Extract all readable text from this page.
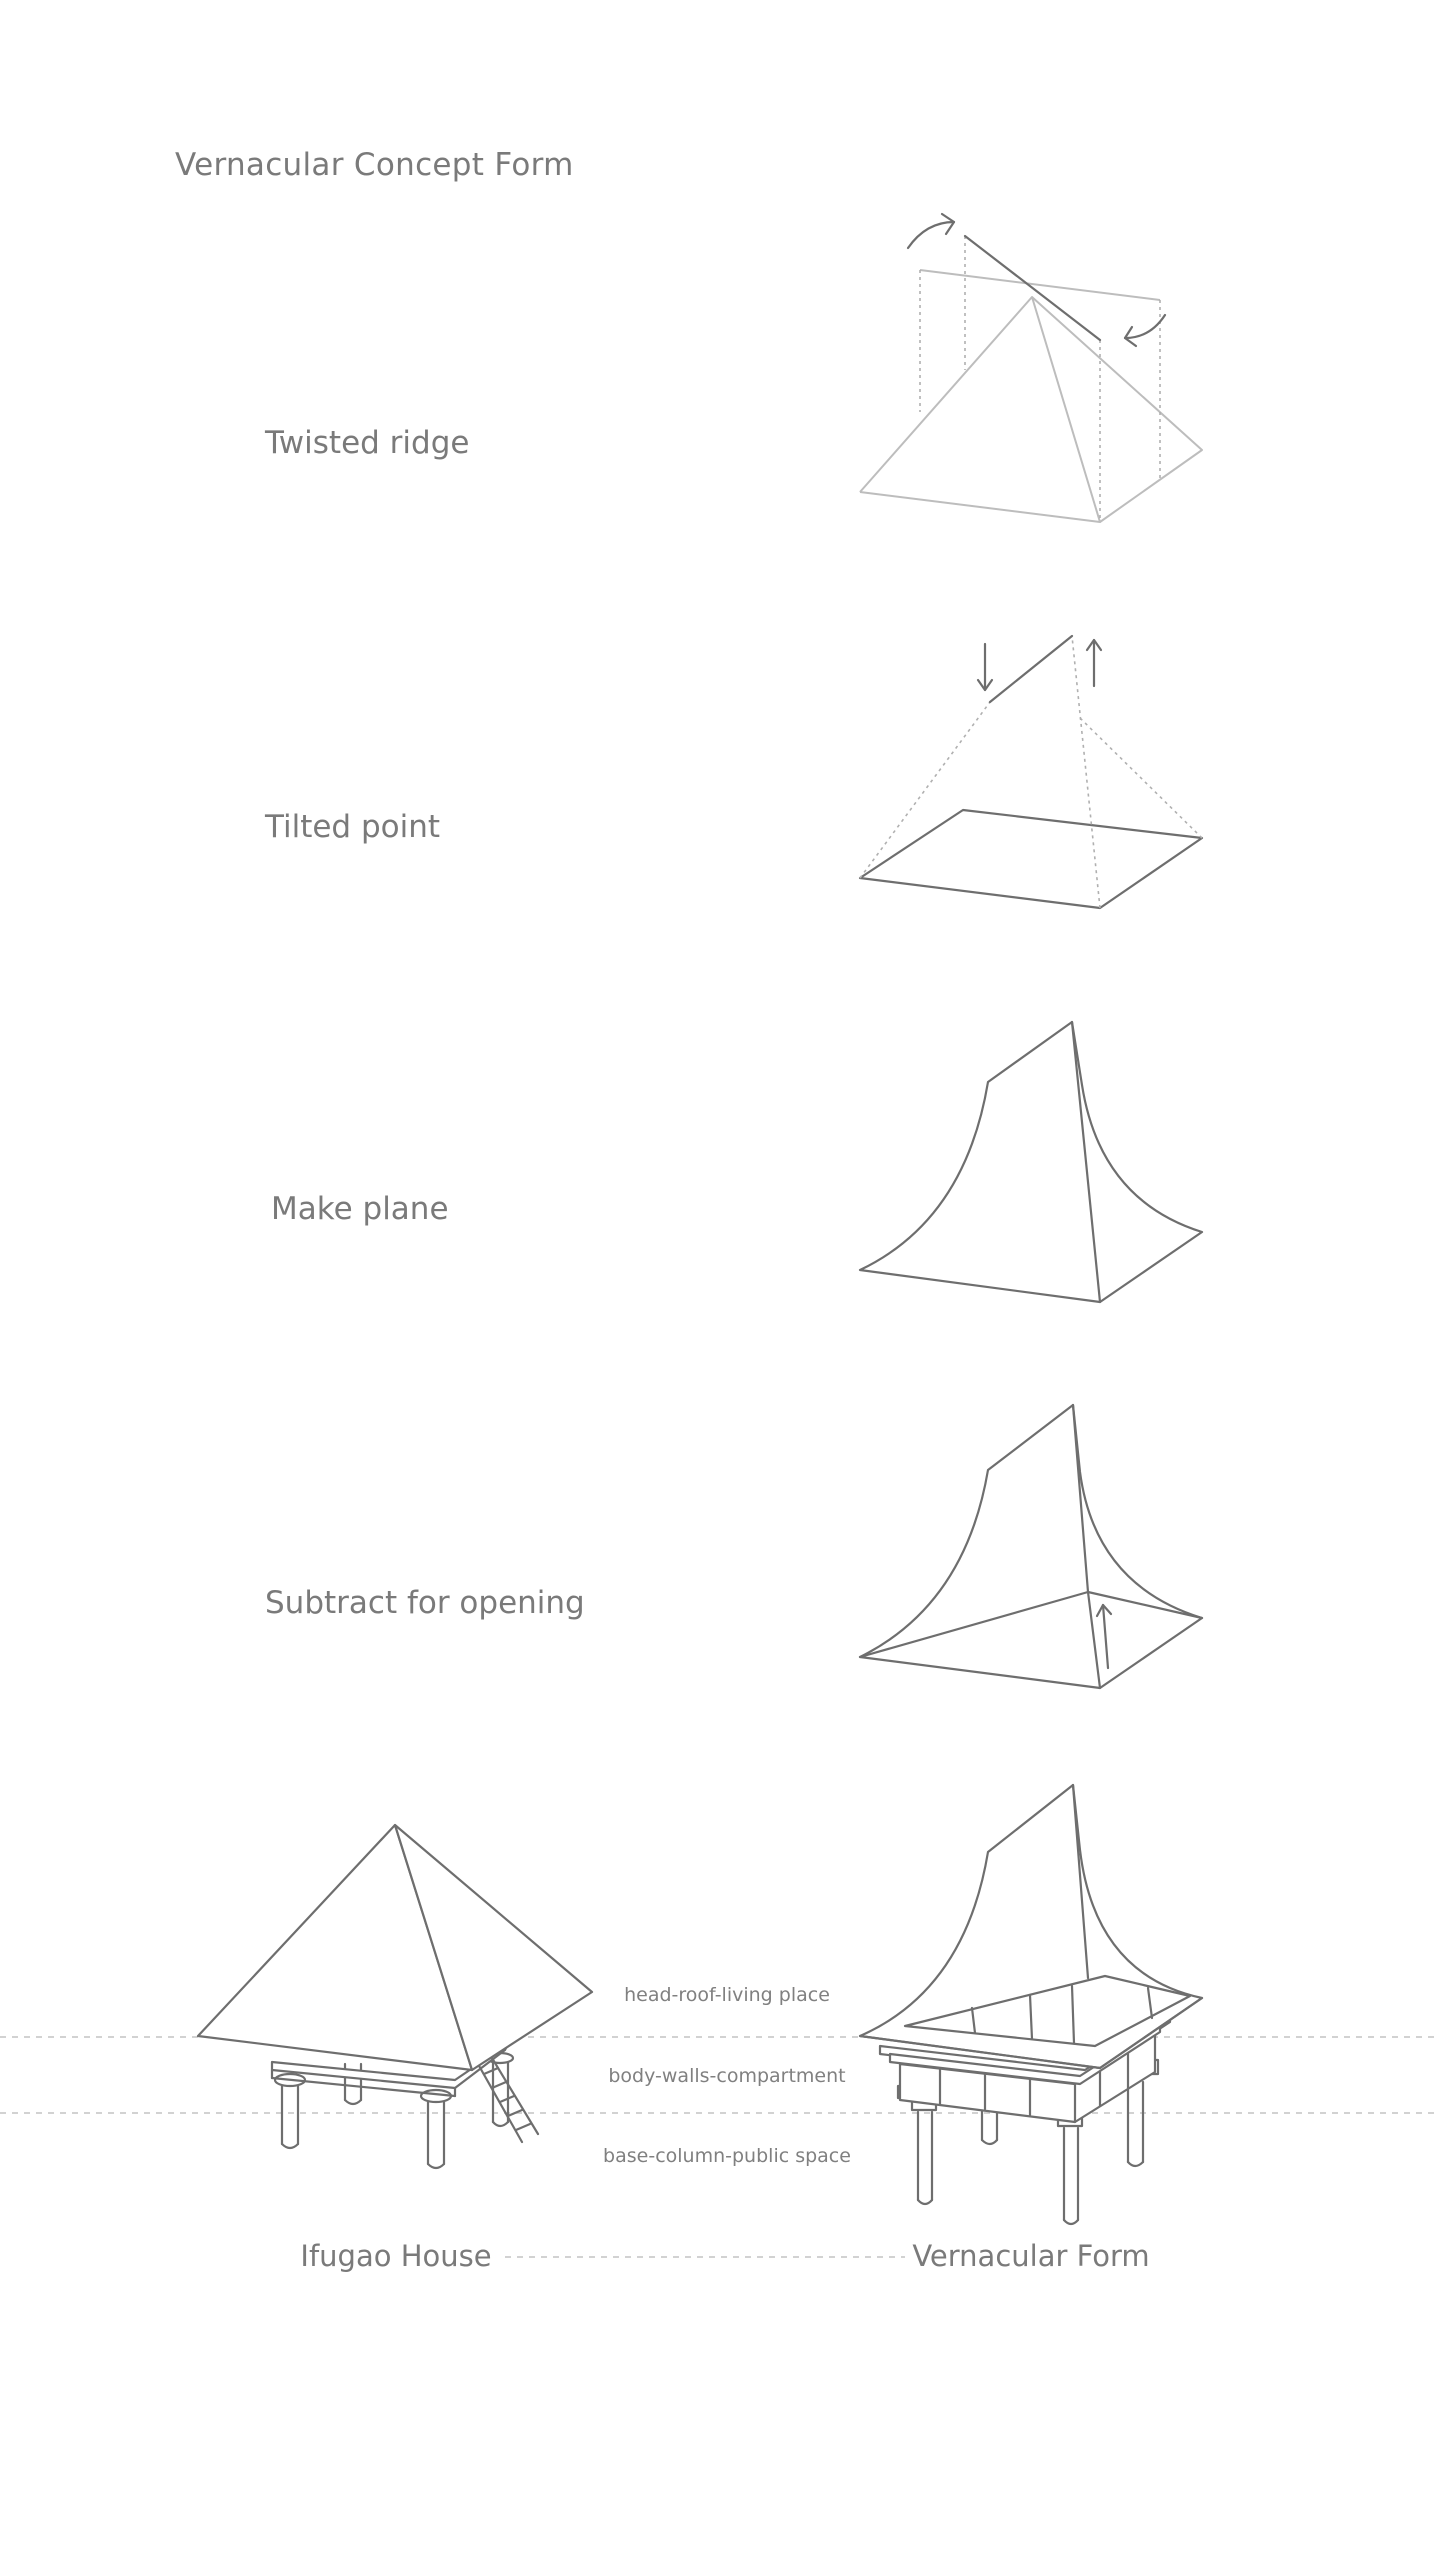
Vernacular Concept Form
Twisted ridge
Tilted point
Make plane
Subtract for opening
head-roof-living place
body-walls-compartment
base-column-public space
Ifugao House	Vernacular Form
